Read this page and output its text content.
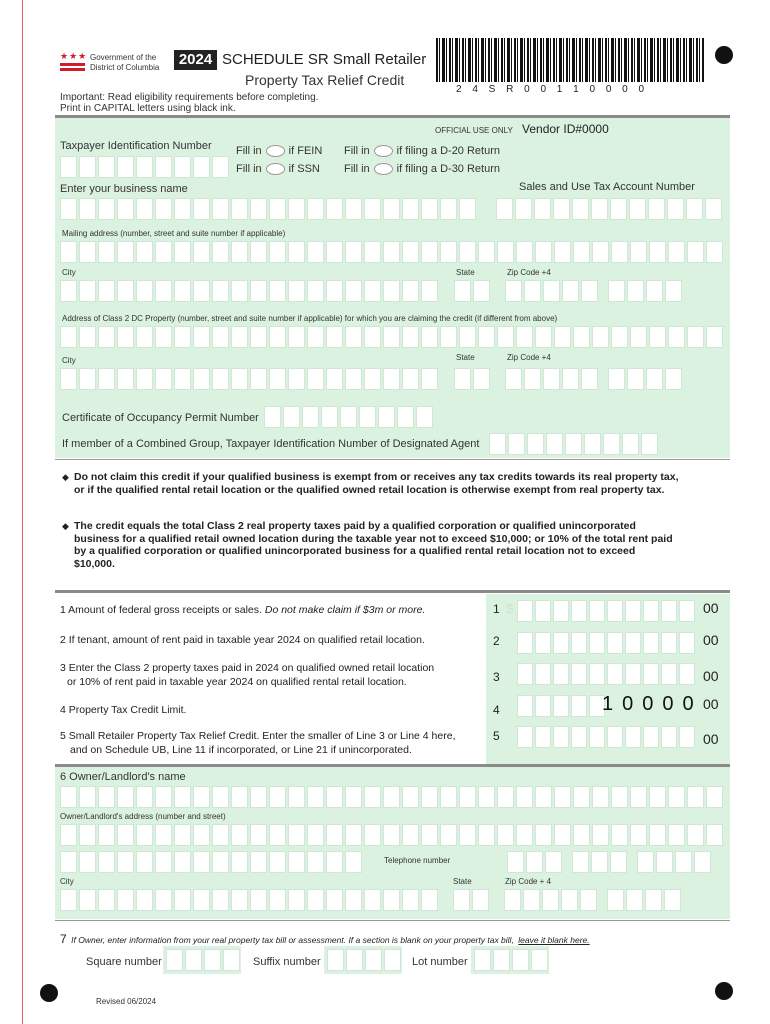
★★★ Government of the
District of Columbia	2024 SCHEDULE SR Small Retailer
Property Tax Relief Credit
Important: Read eligibility requirements before completing.
Print in CAPITAL letters using black ink.
2 4 S R 0 0 1 1 0 0 0 0
OFFICIAL USE ONLY Vendor ID#0000
Taxpayer Identification Number Fill in if FEIN
Fill in if SSN
Fill in if filing a D-20 Return
Fill in if filing a D-30 Return
Enter your business name	Sales and Use Tax Account Number
Mailing address (number, street and suite number if applicable)
City	State	Zip Code +4
Address of Class 2 DC Property (number, street and suite number if applicable) for which you are claiming the credit (if different from above)
City	State	Zip Code +4
Certificate of Occupancy Permit Number
If member of a Combined Group, Taxpayer Identification Number of Designated Agent
◆ Do not claim this credit if your qualified business is exempt from or receives any tax credits towards its real property tax, or if the qualified rental retail location or the qualified owned retail location is otherwise exempt from real property tax.
◆ The credit equals the total Class 2 real property taxes paid by a qualified corporation or qualified unincorporated business for a qualified retail owned location during the taxable year not to exceed $10,000; or 10% of the total rent paid by a qualified corporation or qualified unincorporated business for a qualified rental retail location not to exceed $10,000.
1 Amount of federal gross receipts or sales. Do not make claim if $3m or more.	1 $	00
2 If tenant, amount of rent paid in taxable year 2024 on qualified retail location.	2	00
3 Enter the Class 2 property taxes paid in 2024 on qualified owned retail location
or 10% of rent paid in taxable year 2024 on qualified rental retail location.	3	00
4 Property Tax Credit Limit.	4	10000 00
5 Small Retailer Property Tax Relief Credit. Enter the smaller of Line 3 or Line 4 here,
and on Schedule UB, Line 11 if incorporated, or Line 21 if unincorporated.
5	00
6 Owner/Landlord's name
Owner/Landlord's address (number and street)
Telephone number
City	State	Zip Code + 4
7 If Owner, enter information from your real property tax bill or assessment. If a section is blank on your property tax bill, leave it blank here.
Square number	Suffix number	Lot number
Revised 06/2024
